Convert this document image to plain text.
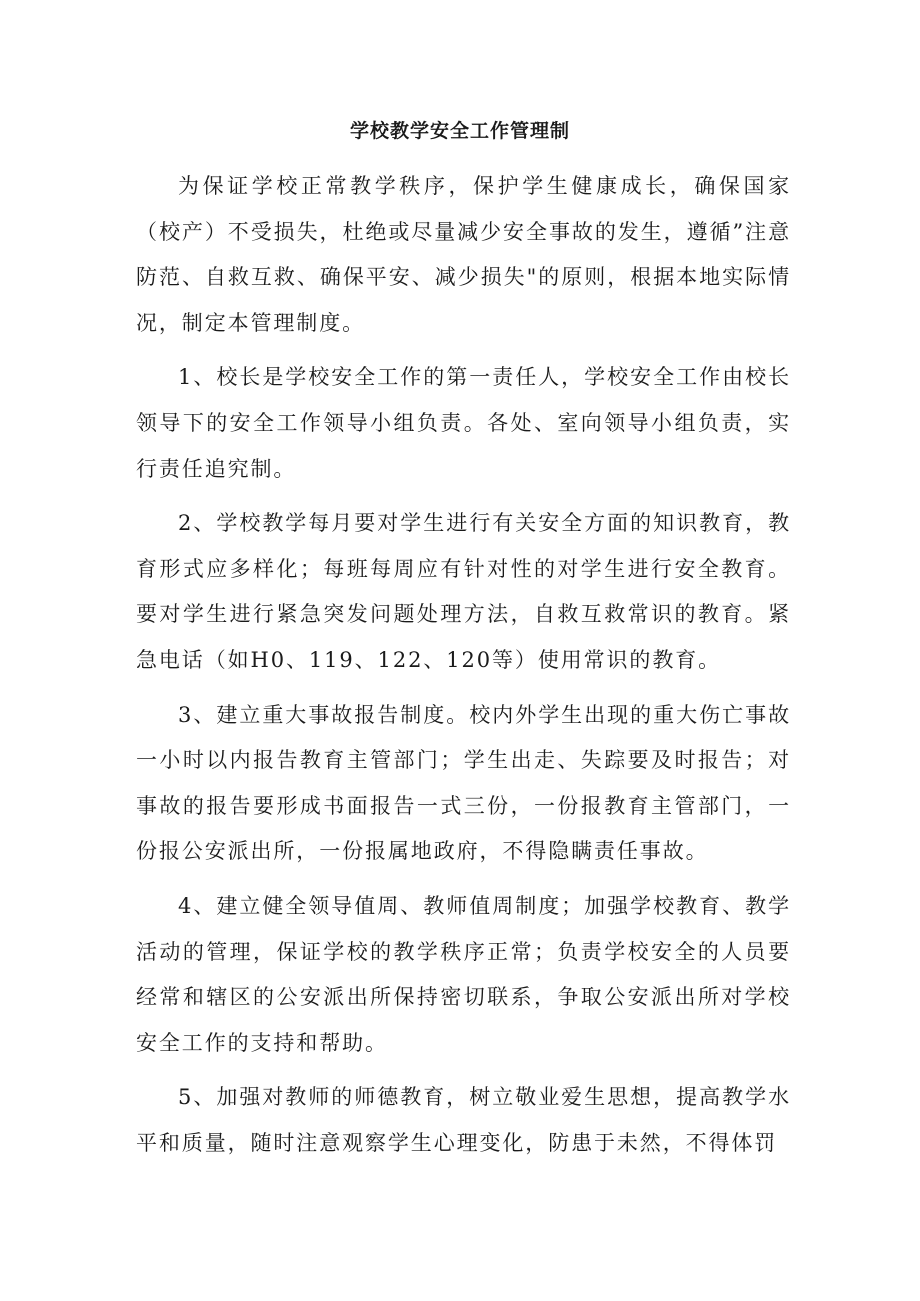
学校教学安全工作管理制

为保证学校正常教学秩序，保护学生健康成长，确保国家（校产）不受损失，杜绝或尽量减少安全事故的发生，遵循”注意防范、自救互救、确保平安、减少损失"的原则，根据本地实际情况，制定本管理制度。

1、校长是学校安全工作的第一责任人，学校安全工作由校长领导下的安全工作领导小组负责。各处、室向领导小组负责，实行责任追究制。

2、学校教学每月要对学生进行有关安全方面的知识教育，教育形式应多样化；每班每周应有针对性的对学生进行安全教育。要对学生进行紧急突发问题处理方法，自救互救常识的教育。紧急电话（如H0、119、122、120等）使用常识的教育。

3、建立重大事故报告制度。校内外学生出现的重大伤亡事故一小时以内报告教育主管部门；学生出走、失踪要及时报告；对事故的报告要形成书面报告一式三份，一份报教育主管部门，一份报公安派出所，一份报属地政府，不得隐瞒责任事故。

4、建立健全领导值周、教师值周制度；加强学校教育、教学活动的管理，保证学校的教学秩序正常；负责学校安全的人员要经常和辖区的公安派出所保持密切联系，争取公安派出所对学校安全工作的支持和帮助。

5、加强对教师的师德教育，树立敬业爱生思想，提高教学水平和质量，随时注意观察学生心理变化，防患于未然，不得体罚
